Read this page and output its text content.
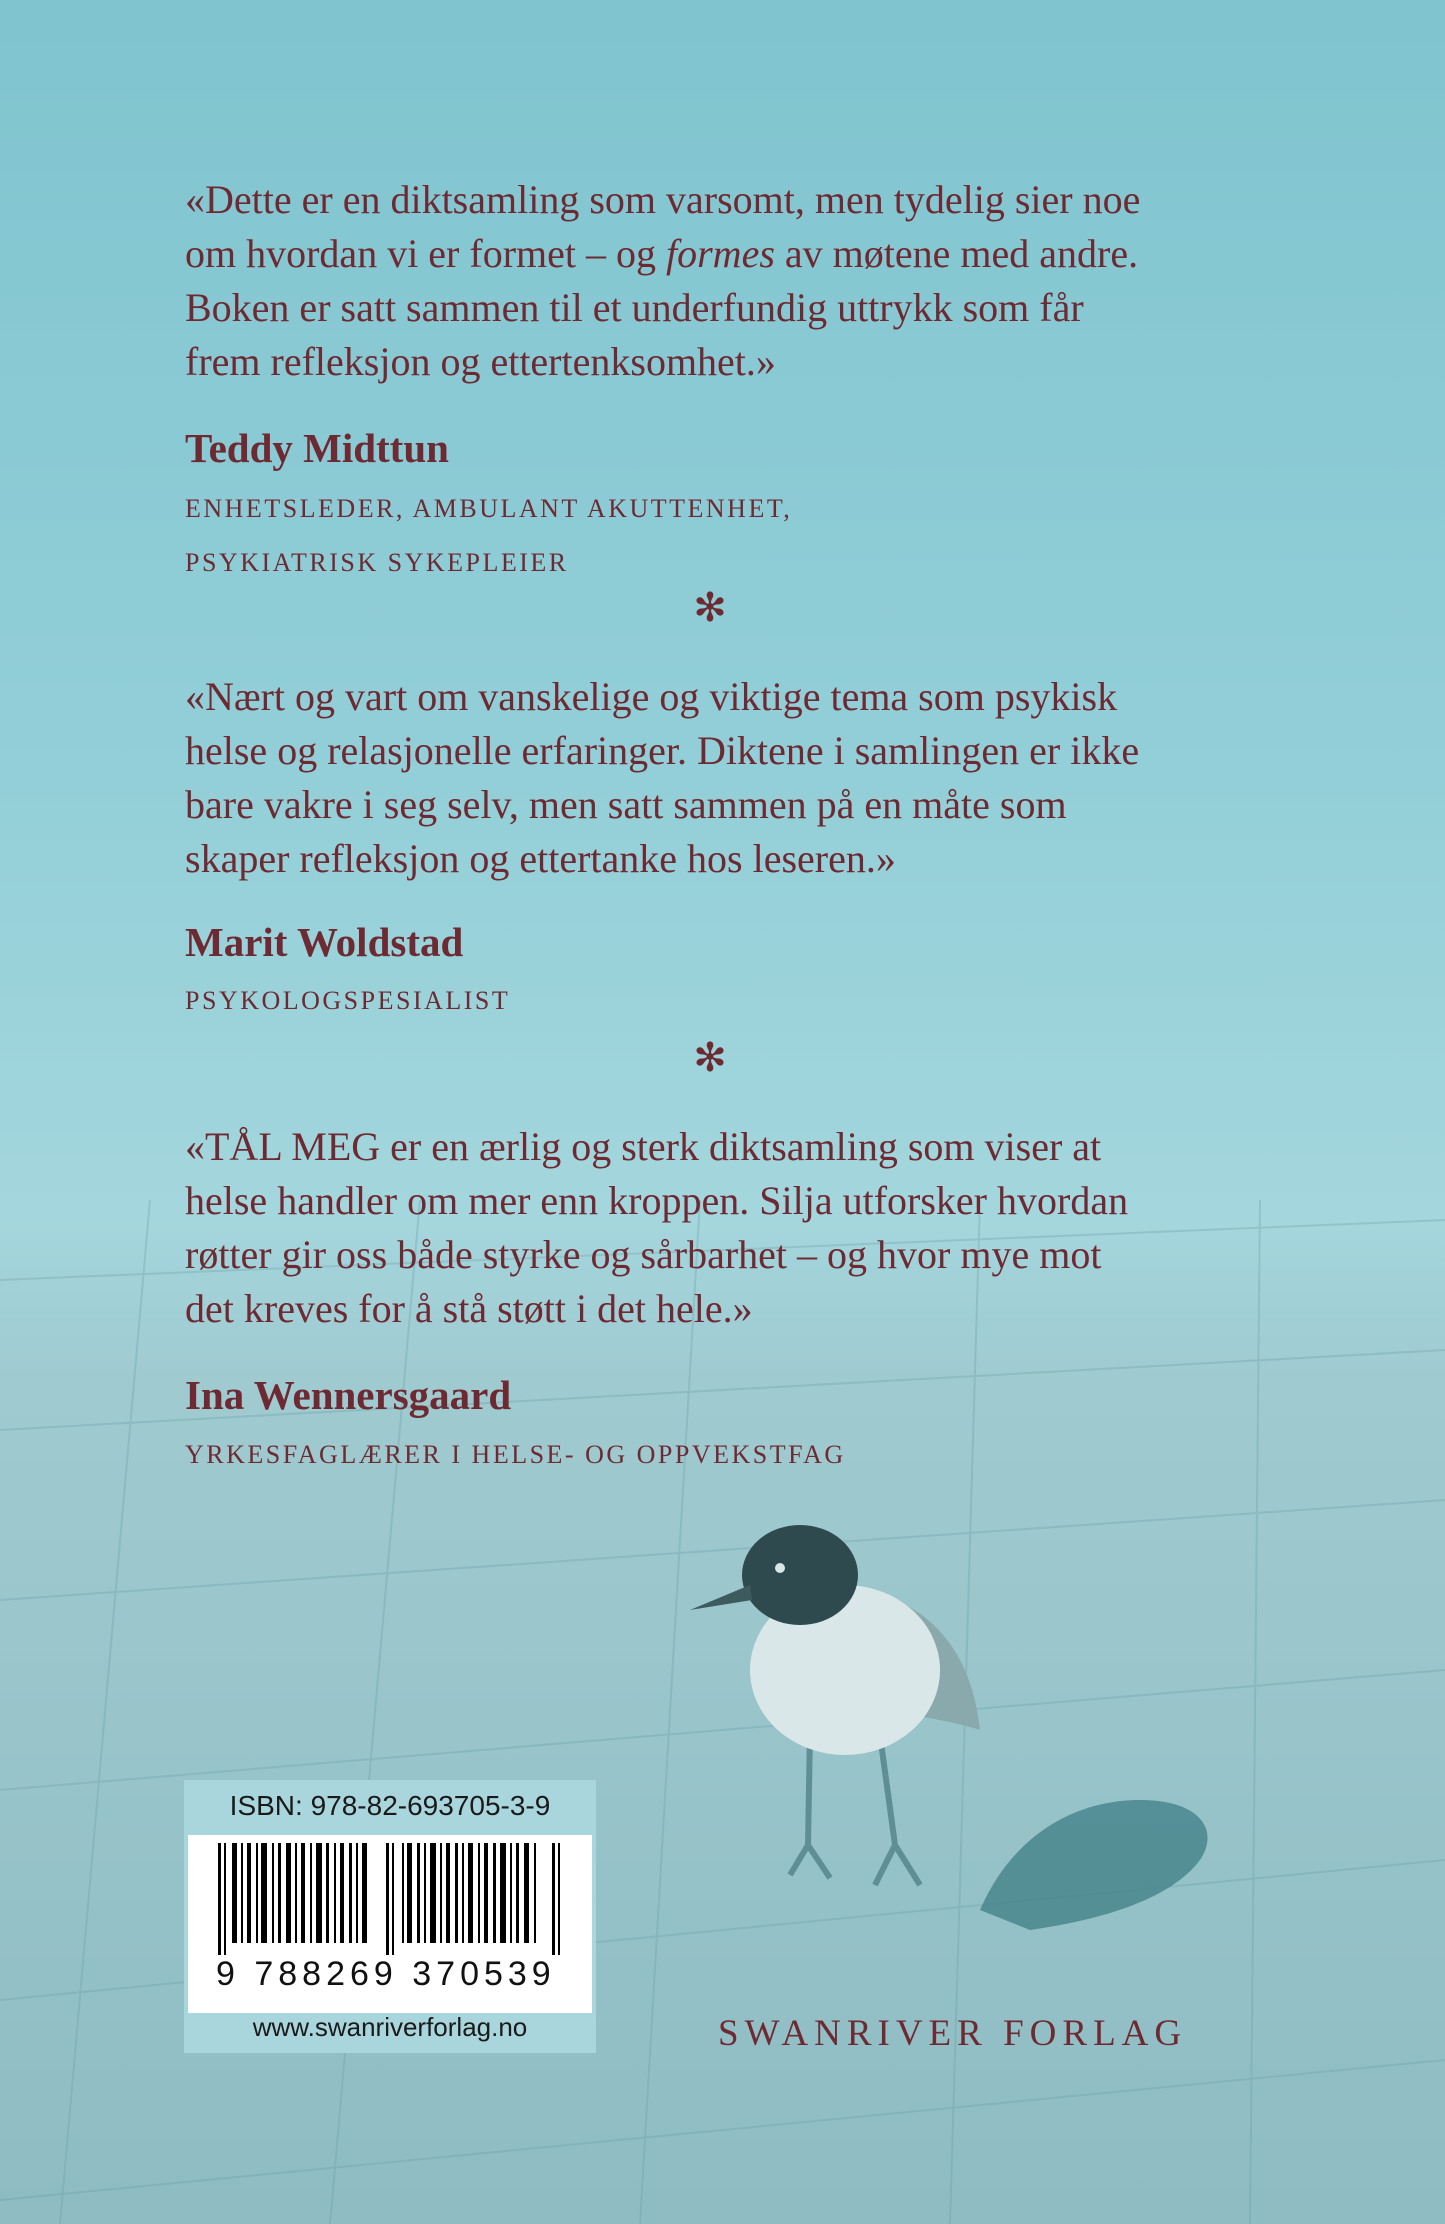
«Dette er en diktsamling som varsomt, men tydelig sier noe
om hvordan vi er formet – og formes av møtene med andre.
Boken er satt sammen til et underfundig uttrykk som får
frem refleksjon og ettertenksomhet.»

Teddy Midttun

ENHETSLEDER, AMBULANT AKUTTENHET,

PSYKIATRISK SYKEPLEIER

✻

«Nært og vart om vanskelige og viktige tema som psykisk
helse og relasjonelle erfaringer. Diktene i samlingen er ikke
bare vakre i seg selv, men satt sammen på en måte som
skaper refleksjon og ettertanke hos leseren.»

Marit Woldstad

PSYKOLOGSPESIALIST

✻

«TÅL MEG er en ærlig og sterk diktsamling som viser at
helse handler om mer enn kroppen. Silja utforsker hvordan
røtter gir oss både styrke og sårbarhet – og hvor mye mot
det kreves for å stå støtt i det hele.»

Ina Wennersgaard

YRKESFAGLÆRER I HELSE- OG OPPVEKSTFAG

ISBN: 978-82-693705-3-9
9 788269 370539
www.swanriverforlag.no	SWANRIVER FORLAG
